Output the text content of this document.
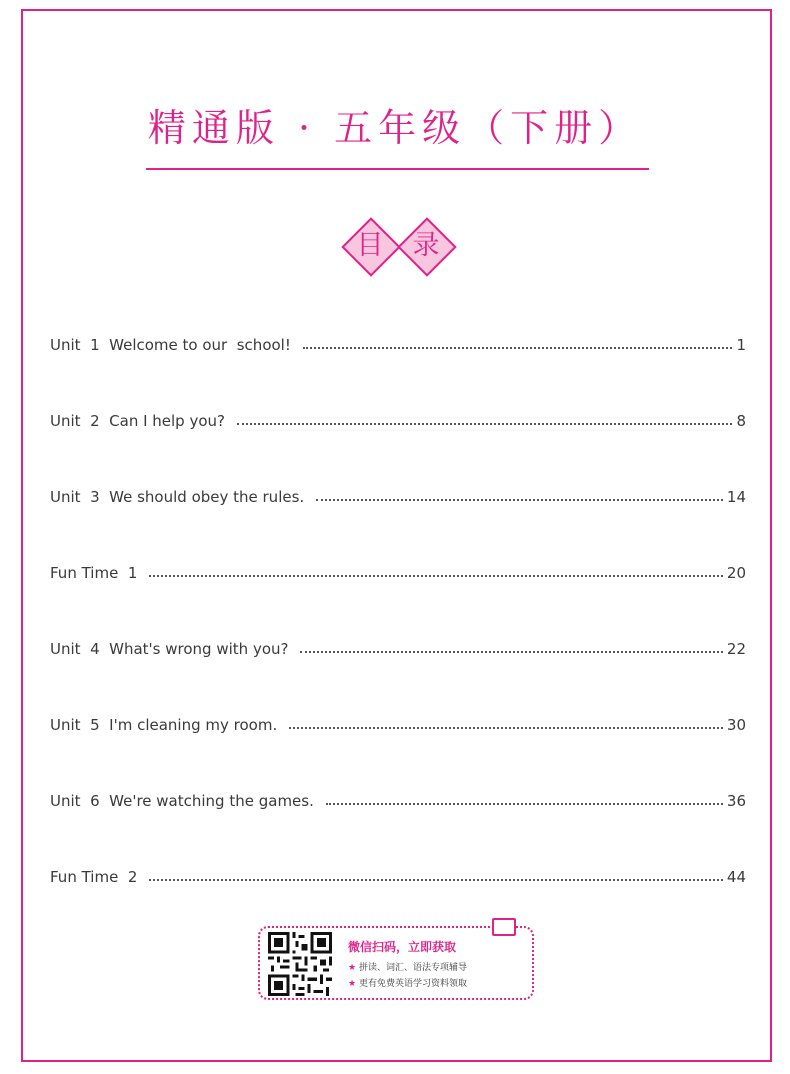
精通版 · 五年级（下册）
目	录
Unit  1  Welcome to our  school!	1
Unit  2  Can I help you?	8
Unit  3  We should obey the rules.	14
Fun Time  1	20
Unit  4  What's wrong with you?	22
Unit  5  I'm cleaning my room.	30
Unit  6  We're watching the games.	36
Fun Time  2	44
微信扫码，立即获取
★ 拼读、词汇、语法专项辅导
★ 更有免费英语学习资料领取
